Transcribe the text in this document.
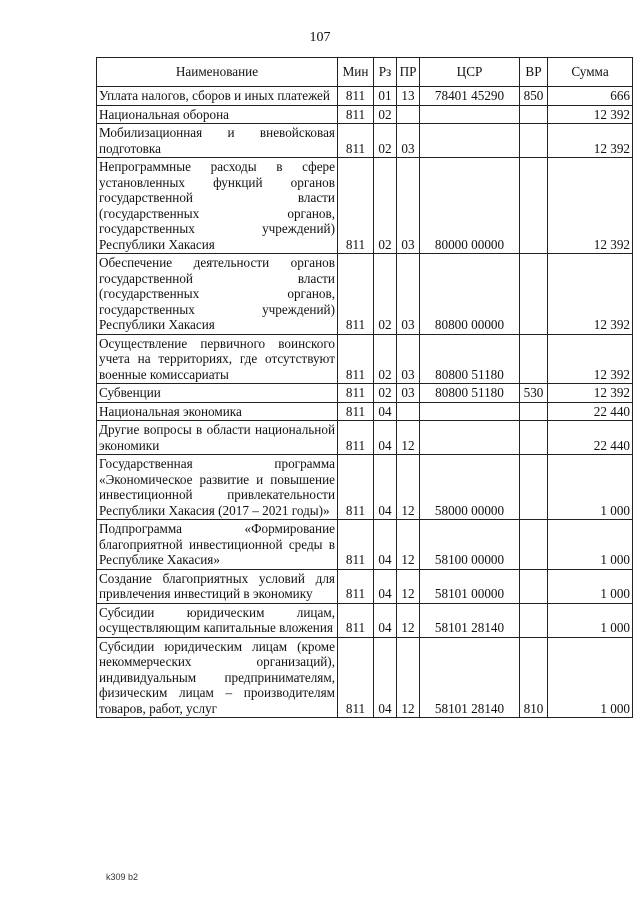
107
Наименование	Мин	Рз	ПР	ЦСР	ВР	Сумма
Уплата налогов, сборов и иных платежей	811	01	13	78401 45290	850	666
Национальная оборона	811	02				12 392
Мобилизационная и вневойсковая подготовка	811	02	03			12 392
Непрограммные расходы в сфере установленных функций органов государственной власти (государственных органов, государственных учреждений) Республики Хакасия	811	02	03	80000 00000		12 392
Обеспечение деятельности органов государственной власти (государственных органов, государственных учреждений) Республики Хакасия	811	02	03	80800 00000		12 392
Осуществление первичного воинского учета на территориях, где отсутствуют военные комиссариаты	811	02	03	80800 51180		12 392
Субвенции	811	02	03	80800 51180	530	12 392
Национальная экономика	811	04				22 440
Другие вопросы в области национальной экономики	811	04	12			22 440
Государственная программа «Экономическое развитие и повышение инвестиционной привлекательности Республики Хакасия (2017 – 2021 годы)»	811	04	12	58000 00000		1 000
Подпрограмма «Формирование благоприятной инвестиционной среды в Республике Хакасия»	811	04	12	58100 00000		1 000
Создание благоприятных условий для привлечения инвестиций в экономику	811	04	12	58101 00000		1 000
Субсидии юридическим лицам, осуществляющим капитальные вложения	811	04	12	58101 28140		1 000
Субсидии юридическим лицам (кроме некоммерческих организаций), индивидуальным предпринимателям, физическим лицам – производителям товаров, работ, услуг	811	04	12	58101 28140	810	1 000
k309 b2
